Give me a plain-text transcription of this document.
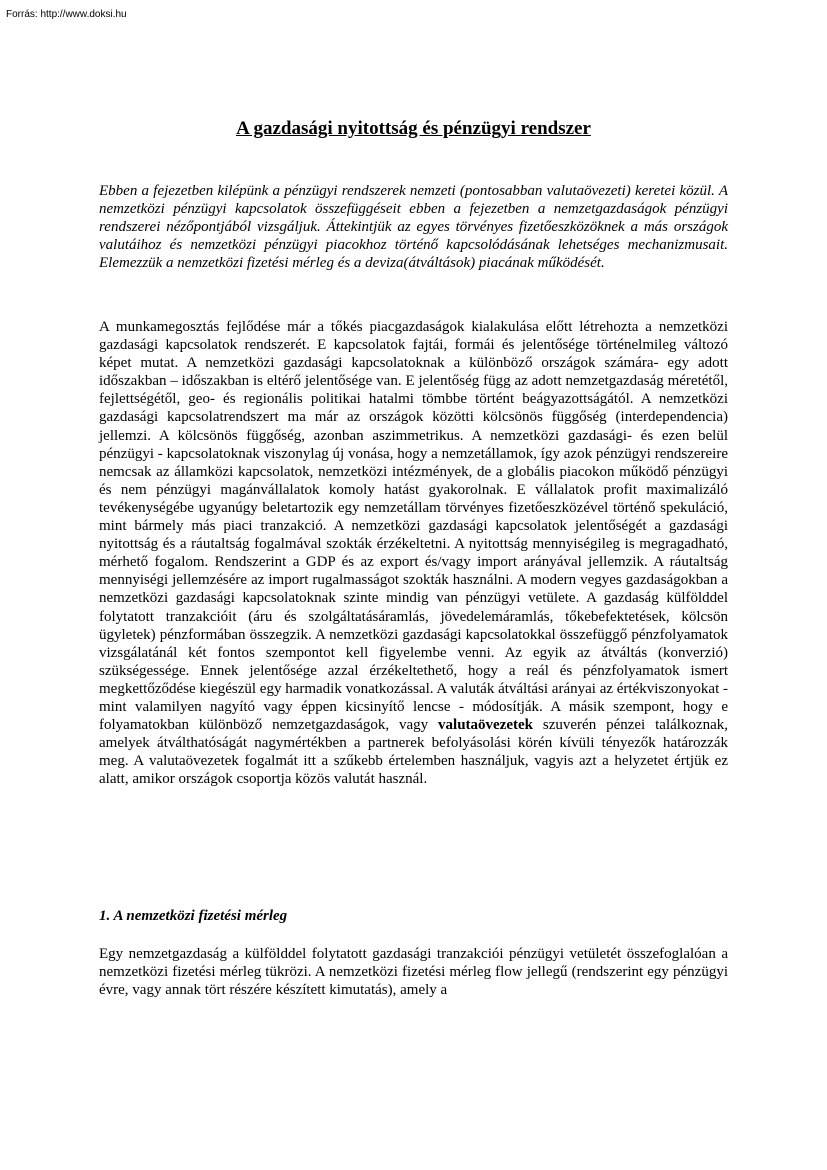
Forrás: http://www.doksi.hu
A gazdasági nyitottság és pénzügyi rendszer

Ebben a fejezetben kilépünk a pénzügyi rendszerek nemzeti (pontosabban valutaövezeti) keretei közül. A nemzetközi pénzügyi kapcsolatok összefüggéseit ebben a fejezetben a nemzetgazdaságok pénzügyi rendszerei nézőpontjából vizsgáljuk. Áttekintjük az egyes törvényes fizetőeszközöknek a más országok valutáihoz és nemzetközi pénzügyi piacokhoz történő kapcsolódásának lehetséges mechanizmusait. Elemezzük a nemzetközi fizetési mérleg és a deviza(átváltások) piacának működését.

A munkamegosztás fejlődése már a tőkés piacgazdaságok kialakulása előtt létrehozta a nemzetközi gazdasági kapcsolatok rendszerét. E kapcsolatok fajtái, formái és jelentősége történelmileg változó képet mutat. A nemzetközi gazdasági kapcsolatoknak a különböző országok számára- egy adott időszakban – időszakban is eltérő jelentősége van. E jelentőség függ az adott nemzetgazdaság méretétől, fejlettségétől, geo- és regionális politikai hatalmi tömbbe történt beágyazottságától. A nemzetközi gazdasági kapcsolatrendszert ma már az országok közötti kölcsönös függőség (interdependencia) jellemzi. A kölcsönös függőség, azonban aszimmetrikus. A nemzetközi gazdasági- és ezen belül pénzügyi - kapcsolatoknak viszonylag új vonása, hogy a nemzetállamok, így azok pénzügyi rendszereire nemcsak az államközi kapcsolatok, nemzetközi intézmények, de a globális piacokon működő pénzügyi és nem pénzügyi magánvállalatok komoly hatást gyakorolnak. E vállalatok profit maximalizáló tevékenységébe ugyanúgy beletartozik egy nemzetállam törvényes fizetőeszközével történő spekuláció, mint bármely más piaci tranzakció. A nemzetközi gazdasági kapcsolatok jelentőségét a gazdasági nyitottság és a ráutaltság fogalmával szokták érzékeltetni. A nyitottság mennyiségileg is megragadható, mérhető fogalom. Rendszerint a GDP és az export és/vagy import arányával jellemzik. A ráutaltság mennyiségi jellemzésére az import rugalmasságot szokták használni. A modern vegyes gazdaságokban a nemzetközi gazdasági kapcsolatoknak szinte mindig van pénzügyi vetülete. A gazdaság külfölddel folytatott tranzakcióit (áru és szolgáltatásáramlás, jövedelemáramlás, tőkebefektetések, kölcsön ügyletek) pénzformában összegzik. A nemzetközi gazdasági kapcsolatokkal összefüggő pénzfolyamatok vizsgálatánál két fontos szempontot kell figyelembe venni. Az egyik az átváltás (konverzió) szükségessége. Ennek jelentősége azzal érzékeltethető, hogy a reál és pénzfolyamatok ismert megkettőződése kiegészül egy harmadik vonatkozással. A valuták átváltási arányai az értékviszonyokat - mint valamilyen nagyító vagy éppen kicsinyítő lencse - módosítják. A másik szempont, hogy e folyamatokban különböző nemzetgazdaságok, vagy valutaövezetek szuverén pénzei találkoznak, amelyek átválthatóságát nagymértékben a partnerek befolyásolási körén kívüli tényezők határozzák meg. A valutaövezetek fogalmát itt a szűkebb értelemben használjuk, vagyis azt a helyzetet értjük ez alatt, amikor országok csoportja közös valutát használ.

1. A nemzetközi fizetési mérleg

Egy nemzetgazdaság a külfölddel folytatott gazdasági tranzakciói pénzügyi vetületét összefoglalóan a nemzetközi fizetési mérleg tükrözi. A nemzetközi fizetési mérleg flow jellegű (rendszerint egy pénzügyi évre, vagy annak tört részére készített kimutatás), amely a
